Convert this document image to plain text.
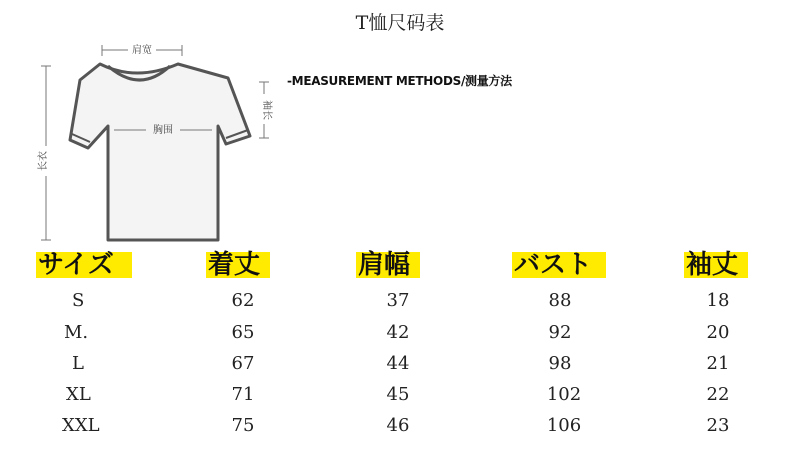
T恤尺码表
肩宽
袖长
胸围
长衣
-MEASUREMENT METHODS/测量方法
サイズ	着丈	肩幅	バスト	袖丈
S	62	37	88	18
M.	65	42	92	20
L	67	44	98	21
XL	71	45	102	22
XXL	75	46	106	23
